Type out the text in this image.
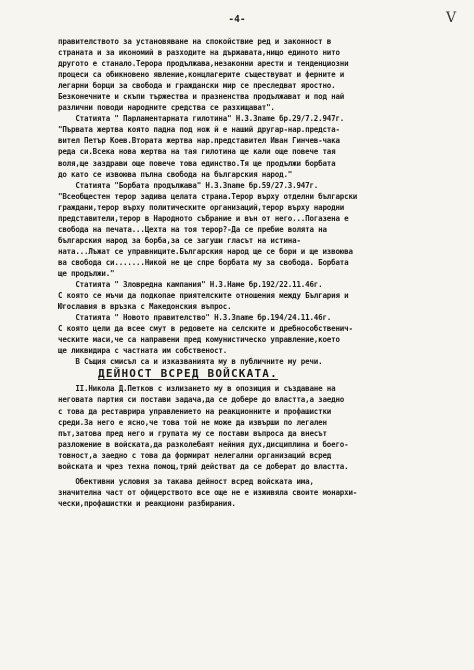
-4-	V
правителството за установяване на спокойствие ред и законност в
страната и за икономий в разходите на държавата,нищо единото нито
другото е станало.Терора продължава,незаконни арести и тенденциозни
процеси са обикновено явление,концлагерите съществуват и ферните и
легарни борци за свобода и граждански мир се преследват яростно.
Безконечните и скъпи тържества и празненства продължават и под най
различни поводи народните средства се разхищават".
Статията " Парламентарната гилотина" Н.З.Зname бр.29/7.2.947г.
"Първата жертва която падна под нож й е наший другар-нар.предста-
вител Петър Коев.Втората жертва нар.представител Иван Гинчев-чака
реда си.Всека нова жертва на тая гилотина ще кали още повече тая
воля,ще заздрави още повече това единство.Тя ще продължи борбата
до като се извоюва пълна свобода на българския народ."
Статията "Борбата продължава" Н.З.Зname бр.59/27.3.947г.
"Всеобщестен терор задива целата страна.Терор върху отделни български
граждани,терор върху политическите организаций,терор върху народни
представители,терор в Народното събрание и вън от него...Погазена е
свобода на печата...Цехта на тоя терор?-Да се пребие волята на
българския народ за борба,за се загуши гласът на истина-
ната...Лъжат се управниците.Българския народ ще се бори и ще извоюва
ва свобода си.......Никой не ще спре борбата му за свобода. Борбата
ще продължи."
Статията " Зловредна кампания" Н.З.Наме бр.192/22.11.46г.
С която се мъчи да подкопае приятелските отношения между България и
Югославия в връзка с Македонския въпрос.
Статията " Новото правителство" Н.З.Зname бр.194/24.11.46г.
С която цели да всее смут в редовете на селските и дребнособственич-
ческите маси,че са направени пред комунистическо управление,което
ще ликвидира с частната им собственост.
В Същия смисъл са и изказванията му в публичните му речи.
ДЕЙНОСТ ВСРЕД ВОЙСКАТА.
II.Никола Д.Петков с излизането му в опозиция и създаване на
неговата партия си постави задача,да се добере до властта,а заедно
с това да реставрира управлението на реакционните и профашистки
среди.За него е ясно,че това той не може да извърши по легален
път,затова пред него и групата му се постави въпроса да внесът
разложение в войската,да разколебаят нейния дух,дисциплина и боего-
товност,а заедно с това да формират нелегални организаций всред
войската и чрез техна помощ,тряй действат да се доберат до властта.
Обективни условия за такава дейност всред войската има,
значителна част от офицерството все още не е изживяла своите монархи-
чески,профашистки и реакциони разбирания.
